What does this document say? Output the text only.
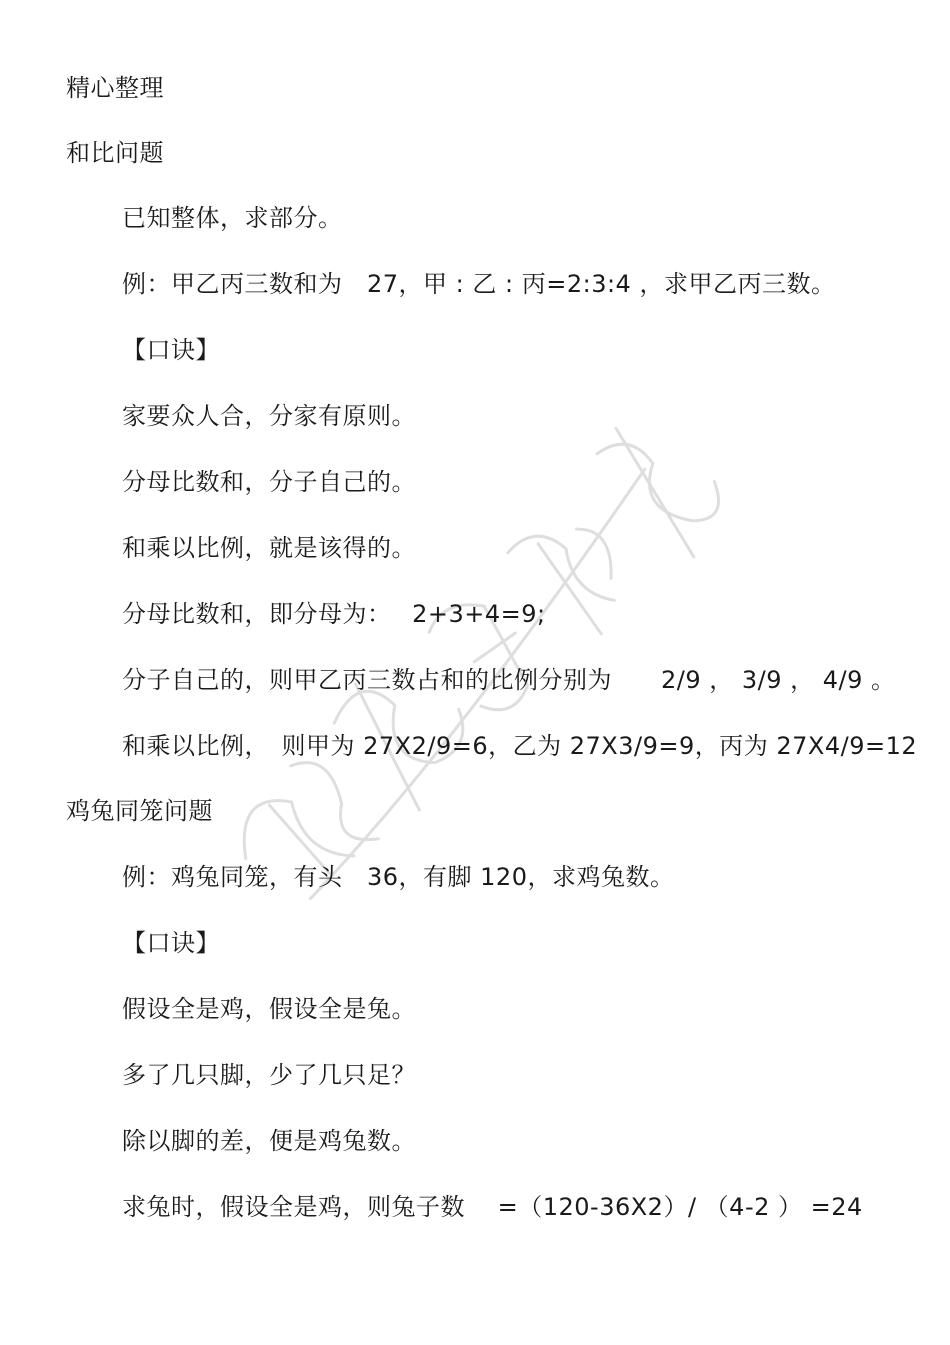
精心整理
和比问题
已知整体，求部分。
例：甲乙丙三数和为　27，甲 : 乙 : 丙=2:3:4 ，求甲乙丙三数。
【口诀】
家要众人合，分家有原则。
分母比数和，分子自己的。
和乘以比例，就是该得的。
分母比数和，即分母为：　 2+3+4=9;
分子自己的，则甲乙丙三数占和的比例分别为　　2/9 ， 3/9 ， 4/9 。
和乘以比例，　则甲为 27X2/9=6，乙为 27X3/9=9，丙为 27X4/9=12
鸡兔同笼问题
例：鸡兔同笼，有头　36，有脚 120，求鸡兔数。
【口诀】
假设全是鸡，假设全是兔。
多了几只脚，少了几只足？
除以脚的差，便是鸡兔数。
求兔时，假设全是鸡，则兔子数　 =（120-36X2）/ （4-2 ） =24
